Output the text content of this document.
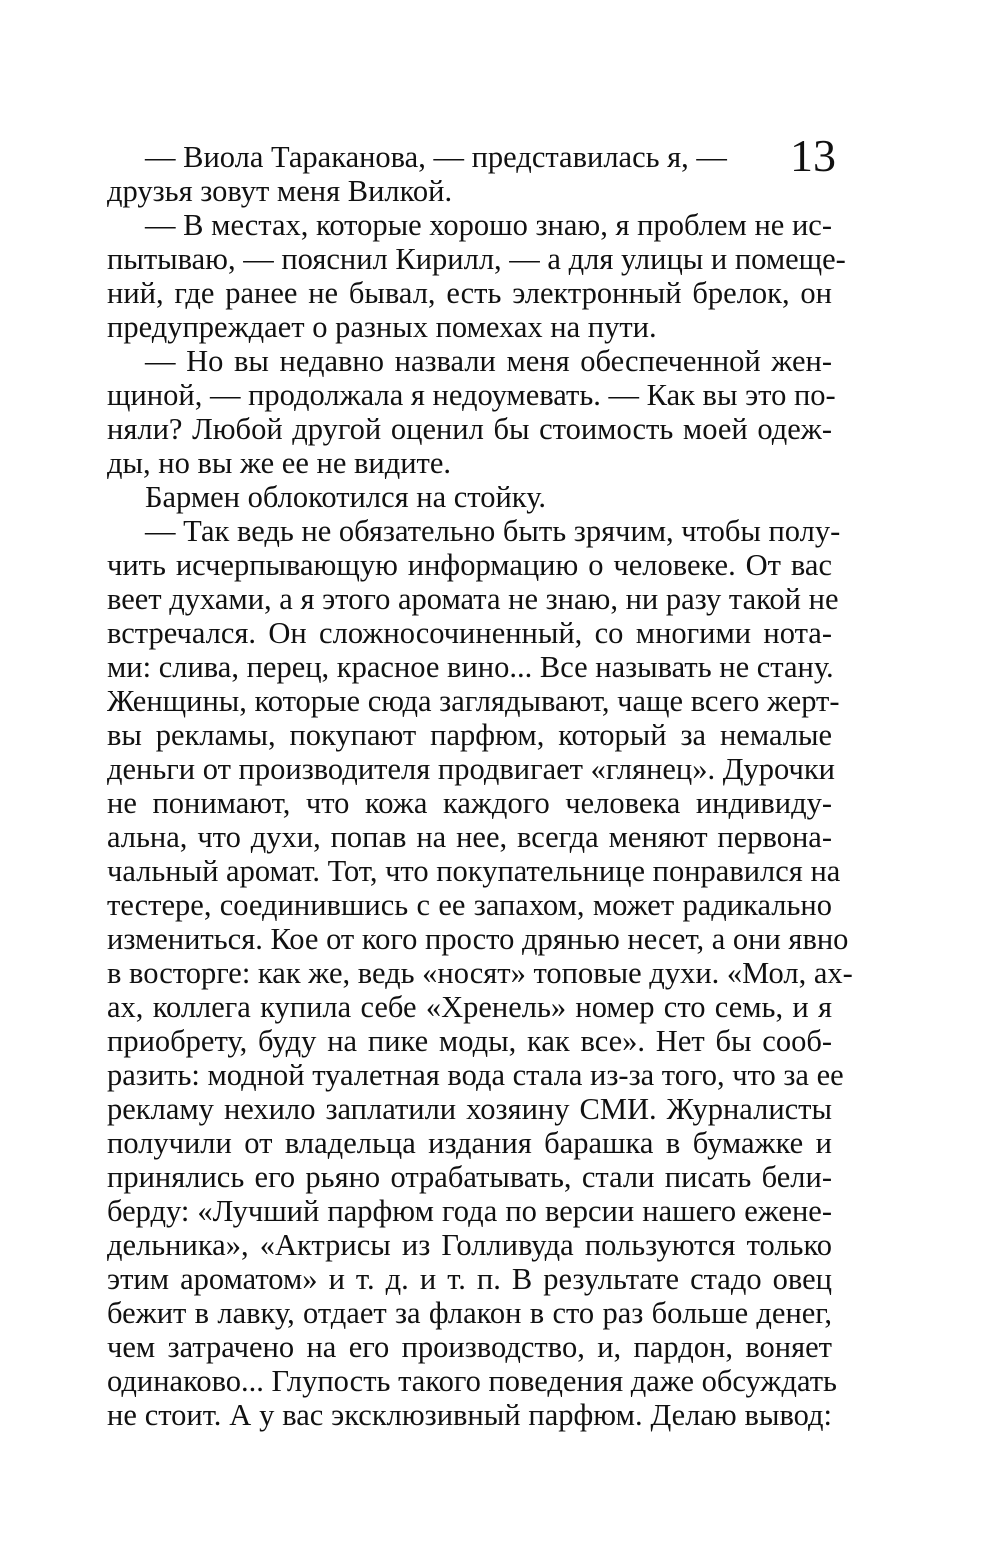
13
— Виола Тараканова, — представилась я, —
друзья зовут меня Вилкой.
— В местах, которые хорошо знаю, я проблем не ис-
пытываю, — пояснил Кирилл, — а для улицы и помеще-
ний, где ранее не бывал, есть электронный брелок, он
предупреждает о разных помехах на пути.
— Но вы недавно назвали меня обеспеченной жен-
щиной, — продолжала я недоумевать. — Как вы это по-
няли? Любой другой оценил бы стоимость моей одеж-
ды, но вы же ее не видите.
Бармен облокотился на стойку.
— Так ведь не обязательно быть зрячим, чтобы полу-
чить исчерпывающую информацию о человеке. От вас
веет духами, а я этого аромата не знаю, ни разу такой не
встречался. Он сложносочиненный, со многими нота-
ми: слива, перец, красное вино... Все называть не стану.
Женщины, которые сюда заглядывают, чаще всего жерт-
вы рекламы, покупают парфюм, который за немалые
деньги от производителя продвигает «глянец». Дурочки
не понимают, что кожа каждого человека индивиду-
альна, что духи, попав на нее, всегда меняют первона-
чальный аромат. Тот, что покупательнице понравился на
тестере, соединившись с ее запахом, может радикально
измениться. Кое от кого просто дрянью несет, а они явно
в восторге: как же, ведь «носят» топовые духи. «Мол, ах-
ах, коллега купила себе «Хренель» номер сто семь, и я
приобрету, буду на пике моды, как все». Нет бы сооб-
разить: модной туалетная вода стала из-за того, что за ее
рекламу нехило заплатили хозяину СМИ. Журналисты
получили от владельца издания барашка в бумажке и
принялись его рьяно отрабатывать, стали писать бели-
берду: «Лучший парфюм года по версии нашего еженe-
дельника», «Актрисы из Голливуда пользуются только
этим ароматом» и т. д. и т. п. В результате стадо овец
бежит в лавку, отдает за флакон в сто раз больше денег,
чем затрачено на его производство, и, пардон, воняет
одинаково... Глупость такого поведения даже обсуждать
не стоит. А у вас эксклюзивный парфюм. Делаю вывод:
